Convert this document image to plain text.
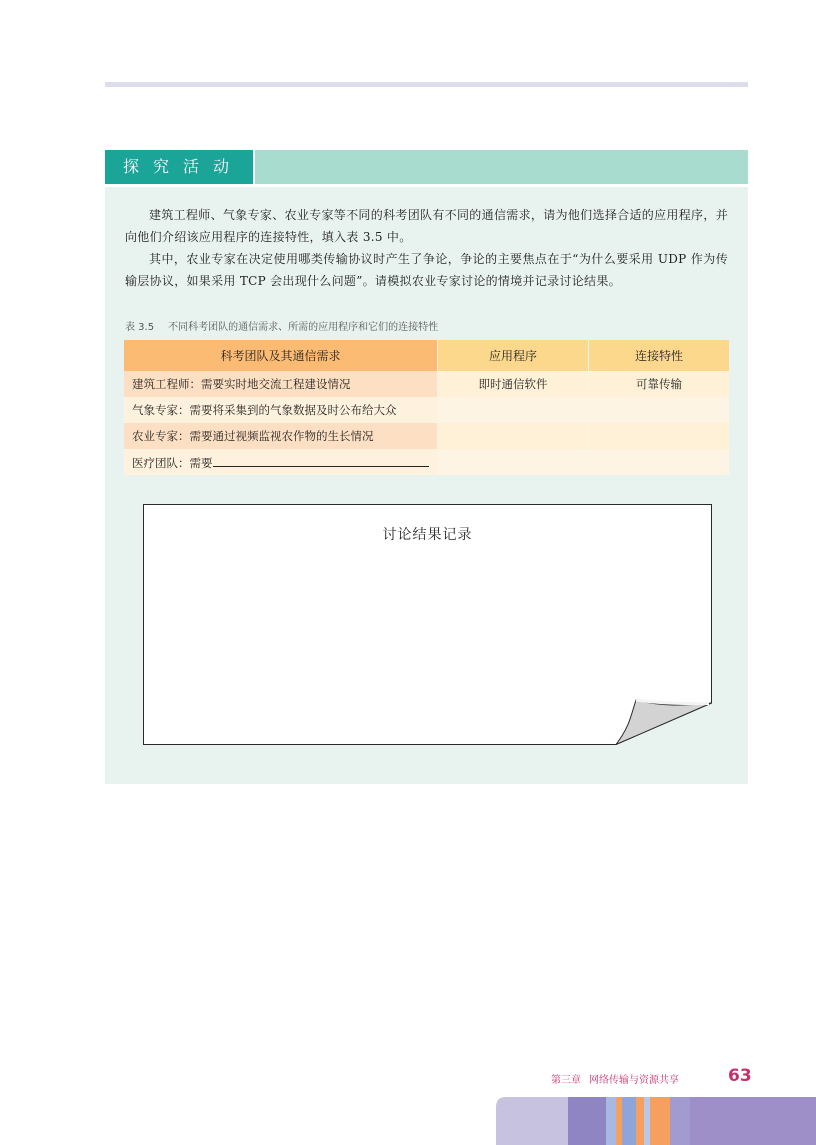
探究活动

建筑工程师、气象专家、农业专家等不同的科考团队有不同的通信需求，请为他们选择合适的应用程序，并向他们介绍该应用程序的连接特性，填入表 3.5 中。

其中，农业专家在决定使用哪类传输协议时产生了争论，争论的主要焦点在于“为什么要采用 UDP 作为传输层协议，如果采用 TCP 会出现什么问题”。请模拟农业专家讨论的情境并记录讨论结果。

表 3.5 不同科考团队的通信需求、所需的应用程序和它们的连接特性
科考团队及其通信需求	应用程序	连接特性
建筑工程师：需要实时地交流工程建设情况	即时通信软件	可靠传输
气象专家：需要将采集到的气象数据及时公布给大众		
农业专家：需要通过视频监视农作物的生长情况		
医疗团队：需要		
讨论结果记录
第三章 网络传输与资源共享	63
